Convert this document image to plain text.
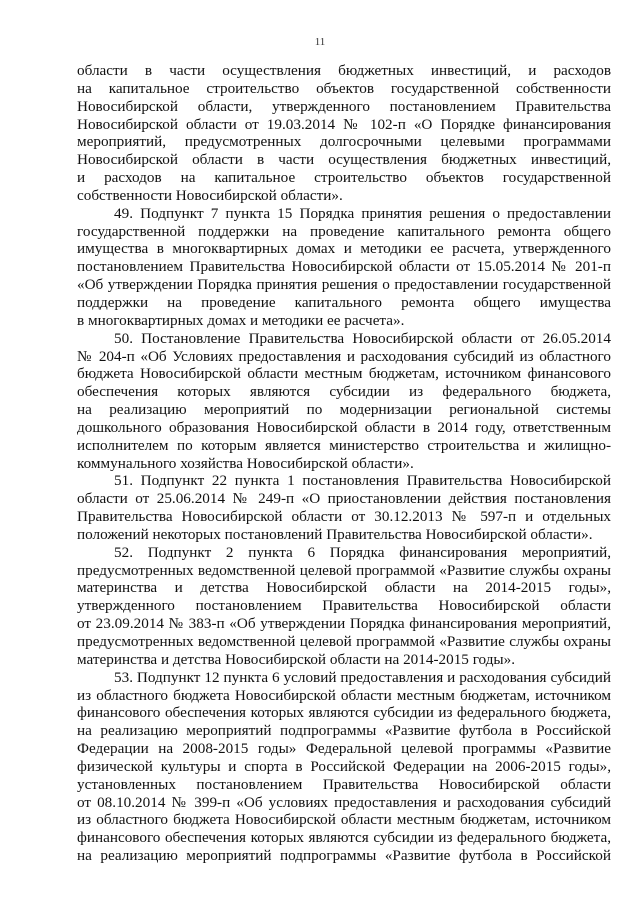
11
области в части осуществления бюджетных инвестиций, и расходов
на капитальное строительство объектов государственной собственности
Новосибирской области, утвержденного постановлением Правительства
Новосибирской области от 19.03.2014 № 102-п «О Порядке финансирования
мероприятий, предусмотренных долгосрочными целевыми программами
Новосибирской области в части осуществления бюджетных инвестиций,
и расходов на капитальное строительство объектов государственной
собственности Новосибирской области».
49. Подпункт 7 пункта 15 Порядка принятия решения о предоставлении
государственной поддержки на проведение капитального ремонта общего
имущества в многоквартирных домах и методики ее расчета, утвержденного
постановлением Правительства Новосибирской области от 15.05.2014 № 201-п
«Об утверждении Порядка принятия решения о предоставлении государственной
поддержки на проведение капитального ремонта общего имущества
в многоквартирных домах и методики ее расчета».
50. Постановление Правительства Новосибирской области от 26.05.2014
№ 204-п «Об Условиях предоставления и расходования субсидий из областного
бюджета Новосибирской области местным бюджетам, источником финансового
обеспечения которых являются субсидии из федерального бюджета,
на реализацию мероприятий по модернизации региональной системы
дошкольного образования Новосибирской области в 2014 году, ответственным
исполнителем по которым является министерство строительства и жилищно-
коммунального хозяйства Новосибирской области».
51. Подпункт 22 пункта 1 постановления Правительства Новосибирской
области от 25.06.2014 № 249-п «О приостановлении действия постановления
Правительства Новосибирской области от 30.12.2013 № 597-п и отдельных
положений некоторых постановлений Правительства Новосибирской области».
52. Подпункт 2 пункта 6 Порядка финансирования мероприятий,
предусмотренных ведомственной целевой программой «Развитие службы охраны
материнства и детства Новосибирской области на 2014-2015 годы»,
утвержденного постановлением Правительства Новосибирской области
от 23.09.2014 № 383-п «Об утверждении Порядка финансирования мероприятий,
предусмотренных ведомственной целевой программой «Развитие службы охраны
материнства и детства Новосибирской области на 2014-2015 годы».
53. Подпункт 12 пункта 6 условий предоставления и расходования субсидий
из областного бюджета Новосибирской области местным бюджетам, источником
финансового обеспечения которых являются субсидии из федерального бюджета,
на реализацию мероприятий подпрограммы «Развитие футбола в Российской
Федерации на 2008-2015 годы» Федеральной целевой программы «Развитие
физической культуры и спорта в Российской Федерации на 2006-2015 годы»,
установленных постановлением Правительства Новосибирской области
от 08.10.2014 № 399-п «Об условиях предоставления и расходования субсидий
из областного бюджета Новосибирской области местным бюджетам, источником
финансового обеспечения которых являются субсидии из федерального бюджета,
на реализацию мероприятий подпрограммы «Развитие футбола в Российской
